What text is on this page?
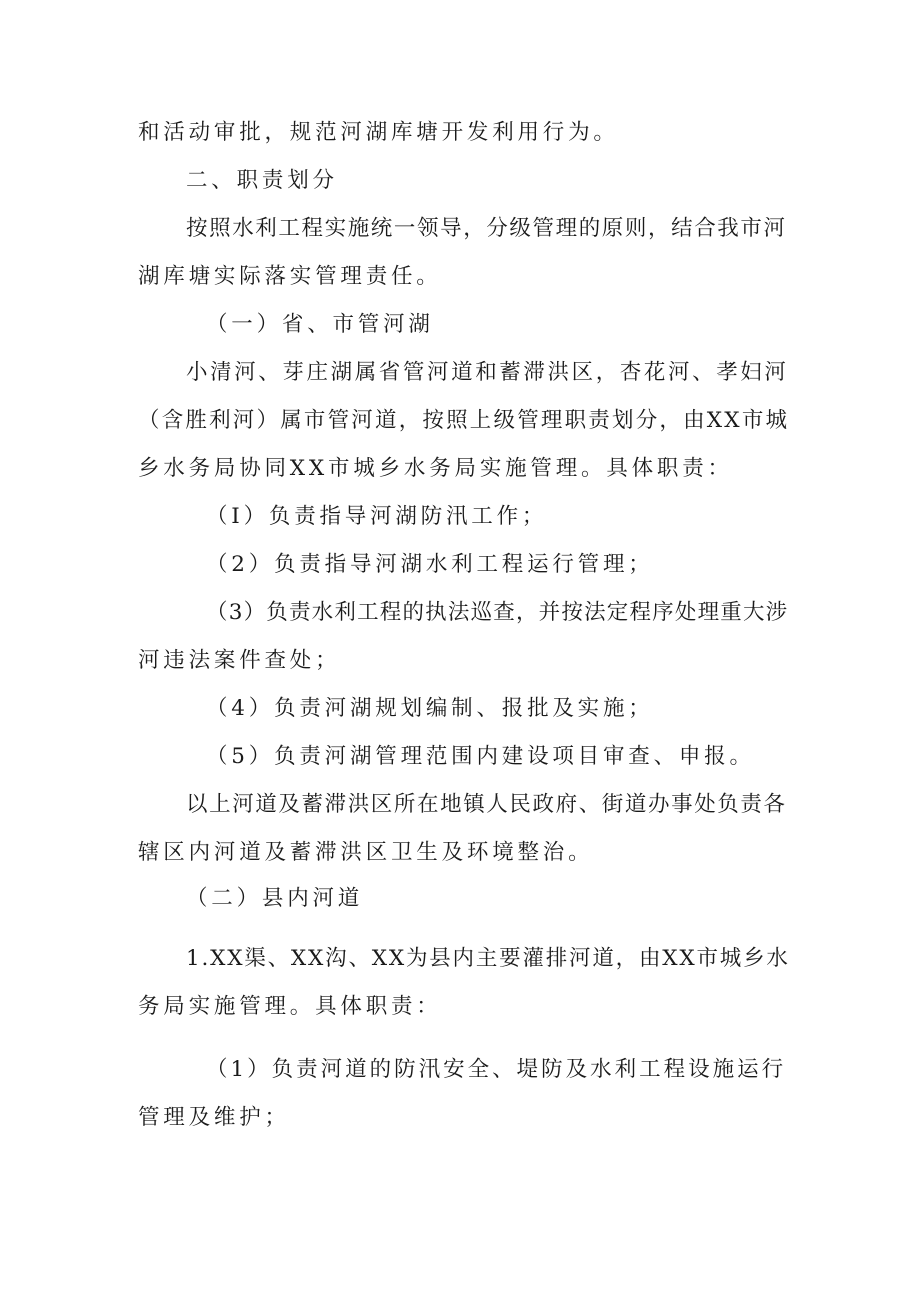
和活动审批，规范河湖库塘开发利用行为。
二、职责划分
按照水利工程实施统一领导，分级管理的原则，结合我市河
湖库塘实际落实管理责任。
（一）省、市管河湖
小清河、芽庄湖属省管河道和蓄滞洪区，杏花河、孝妇河
（含胜利河）属市管河道，按照上级管理职责划分，由XX市城
乡水务局协同XX市城乡水务局实施管理。具体职责：
（I）负责指导河湖防汛工作；
（2）负责指导河湖水利工程运行管理；
（3）负责水利工程的执法巡查，并按法定程序处理重大涉
河违法案件查处；
（4）负责河湖规划编制、报批及实施；
（5）负责河湖管理范围内建设项目审查、申报。
以上河道及蓄滞洪区所在地镇人民政府、街道办事处负责各
辖区内河道及蓄滞洪区卫生及环境整治。
（二）县内河道
1.XX渠、XX沟、XX为县内主要灌排河道，由XX市城乡水
务局实施管理。具体职责：
（1）负责河道的防汛安全、堤防及水利工程设施运行
管理及维护；
